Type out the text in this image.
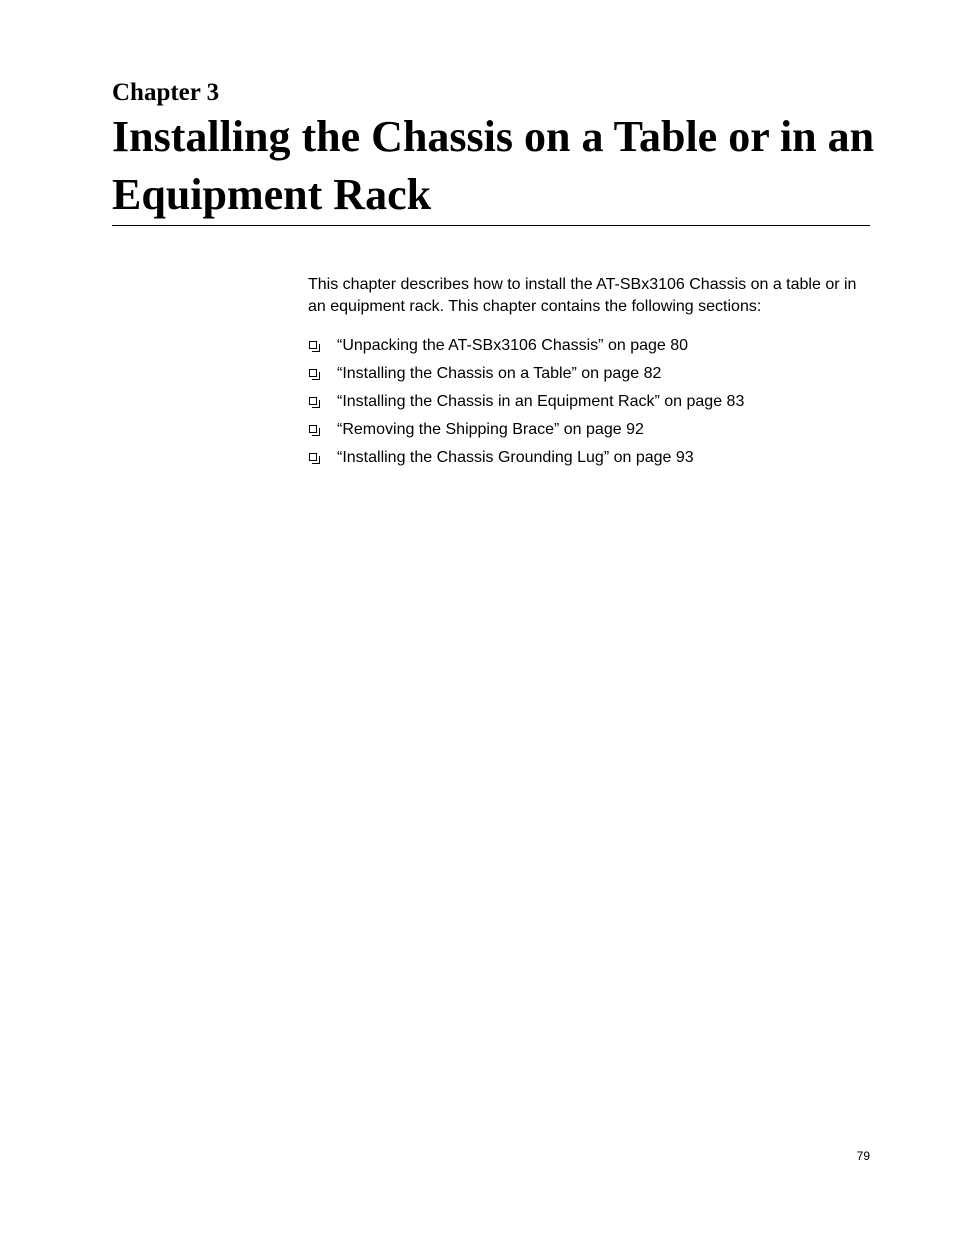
Chapter 3
Installing the Chassis on a Table or in an Equipment Rack

This chapter describes how to install the AT-SBx3106 Chassis on a table or in an equipment rack. This chapter contains the following sections:

“Unpacking the AT-SBx3106 Chassis” on page 80
“Installing the Chassis on a Table” on page 82
“Installing the Chassis in an Equipment Rack” on page 83
“Removing the Shipping Brace” on page 92
“Installing the Chassis Grounding Lug” on page 93
79
